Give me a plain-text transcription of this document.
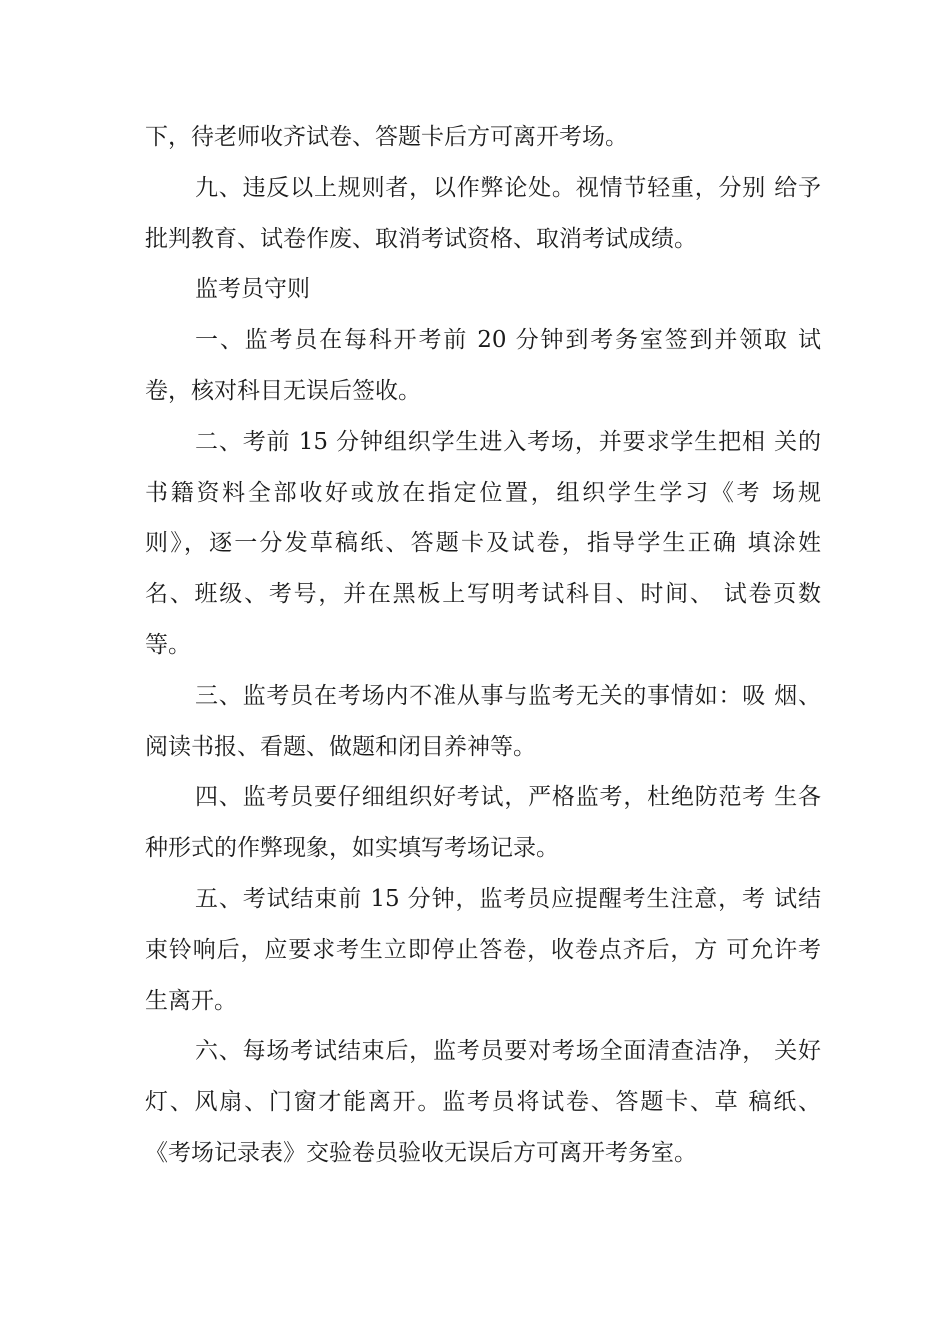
下，待老师收齐试卷、答题卡后方可离开考场。
九、违反以上规则者，以作弊论处。视情节轻重，分别 给予
批判教育、试卷作废、取消考试资格、取消考试成绩。
监考员守则
一、监考员在每科开考前 20 分钟到考务室签到并领取 试
卷，核对科目无误后签收。
二、考前 15 分钟组织学生进入考场，并要求学生把相 关的
书籍资料全部收好或放在指定位置，组织学生学习《考 场规
则》，逐一分发草稿纸、答题卡及试卷，指导学生正确 填涂姓
名、班级、考号，并在黑板上写明考试科目、时间、 试卷页数
等。
三、监考员在考场内不准从事与监考无关的事情如：吸 烟、
阅读书报、看题、做题和闭目养神等。
四、监考员要仔细组织好考试，严格监考，杜绝防范考 生各
种形式的作弊现象，如实填写考场记录。
五、考试结束前 15 分钟，监考员应提醒考生注意，考 试结
束铃响后，应要求考生立即停止答卷，收卷点齐后，方 可允许考
生离开。
六、每场考试结束后，监考员要对考场全面清查洁净， 关好
灯、风扇、门窗才能离开。监考员将试卷、答题卡、草 稿纸、
《考场记录表》交验卷员验收无误后方可离开考务室。
